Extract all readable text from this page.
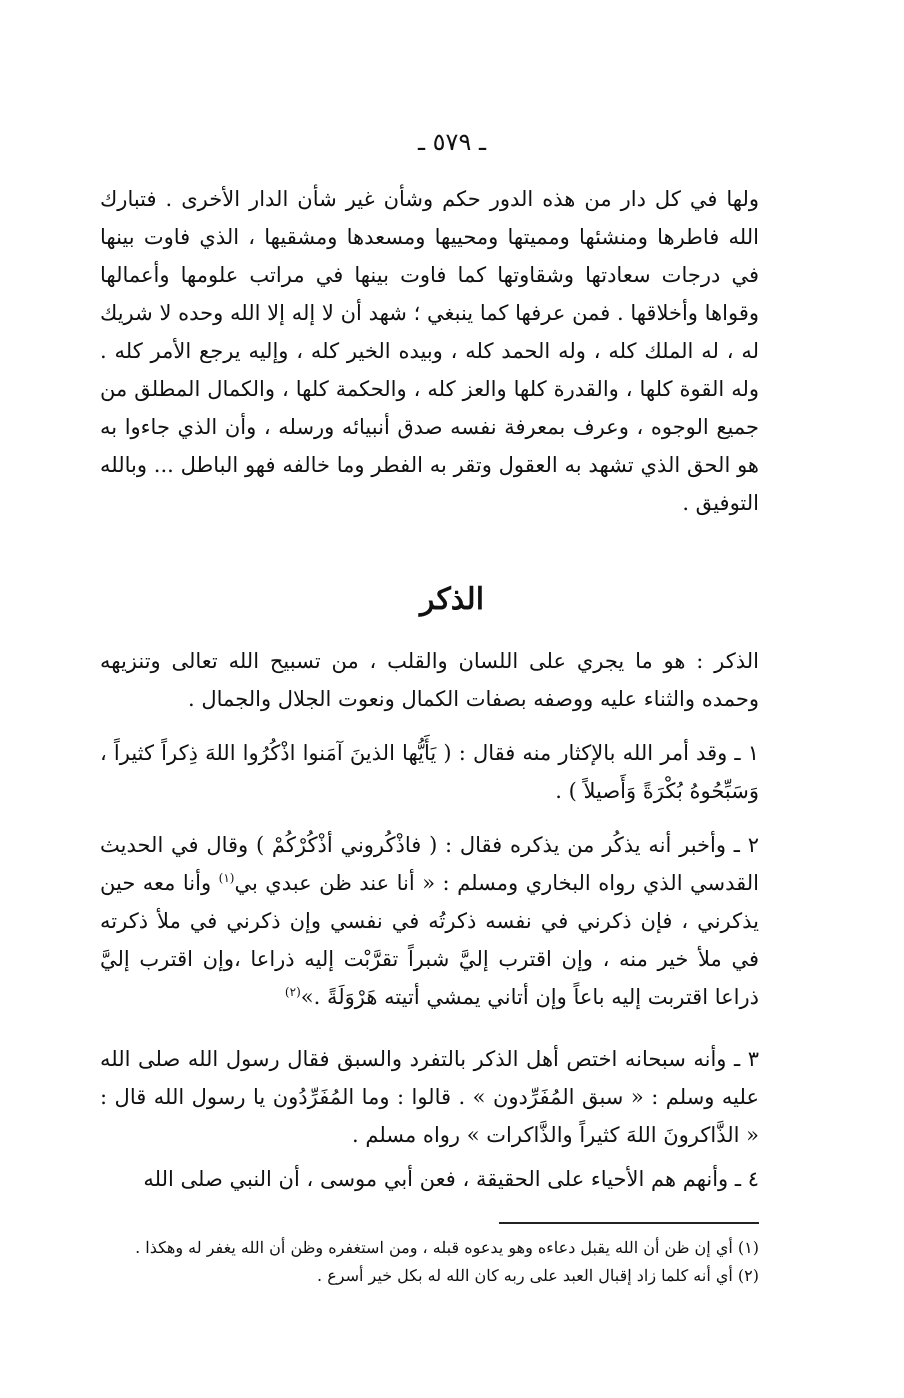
ـ ٥٧٩ ـ

ولها في كل دار من هذه الدور حكم وشأن غير شأن الدار الأخرى . فتبارك الله فاطرها ومنشئها ومميتها ومحييها ومسعدها ومشقيها ، الذي فاوت بينها في درجات سعادتها وشقاوتها كما فاوت بينها في مراتب علومها وأعمالها وقواها وأخلاقها . فمن عرفها كما ينبغي ؛ شهد أن لا إله إلا الله وحده لا شريك له ، له الملك كله ، وله الحمد كله ، وبيده الخير كله ، وإليه يرجع الأمر كله . وله القوة كلها ، والقدرة كلها والعز كله ، والحكمة كلها ، والكمال المطلق من جميع الوجوه ، وعرف بمعرفة نفسه صدق أنبيائه ورسله ، وأن الذي جاءوا به هو الحق الذي تشهد به العقول وتقر به الفطر وما خالفه فهو الباطل ... وبالله التوفيق .

الذكر

الذكر : هو ما يجري على اللسان والقلب ، من تسبيح الله تعالى وتنزيهه وحمده والثناء عليه ووصفه بصفات الكمال ونعوت الجلال والجمال .

١ ـ وقد أمر الله بالإكثار منه فقال : ( يَأَيُّها الذينَ آمَنوا اذْكُرُوا اللهَ ذِكراً كثيراً ، وَسَبِّحُوهُ بُكْرَةً وَأَصيلاً ) .

٢ ـ وأخبر أنه يذكُر من يذكره فقال : ( فاذْكُروني أذْكُرْكُمْ ) وقال في الحديث القدسي الذي رواه البخاري ومسلم : « أنا عند ظن عبدي بي$^{(١)}$ وأنا معه حين يذكرني ، فإن ذكرني في نفسه ذكرتُه في نفسي وإن ذكرني في ملأ ذكرته في ملأ خير منه ، وإن اقترب إليَّ شبراً تقرَّبْت إليه ذراعا ،وإن اقترب إليَّ ذراعا اقتربت إليه باعاً وإن أتاني يمشي أتيته هَرْوَلَةً .»$^{(٢)}$

٣ ـ وأنه سبحانه اختص أهل الذكر بالتفرد والسبق فقال رسول الله صلى الله عليه وسلم : « سبق المُفَرِّدون » . قالوا : وما المُفَرِّدُون يا رسول الله قال : « الذَّاكرونَ اللهَ كثيراً والذَّاكرات » رواه مسلم .

٤ ـ وأنهم هم الأحياء على الحقيقة ، فعن أبي موسى ، أن النبي صلى الله

(١) أي إن ظن أن الله يقبل دعاءه وهو يدعوه قبله ، ومن استغفره وظن أن الله يغفر له وهكذا .

(٢) أي أنه كلما زاد إقبال العبد على ربه كان الله له بكل خير أسرع .
